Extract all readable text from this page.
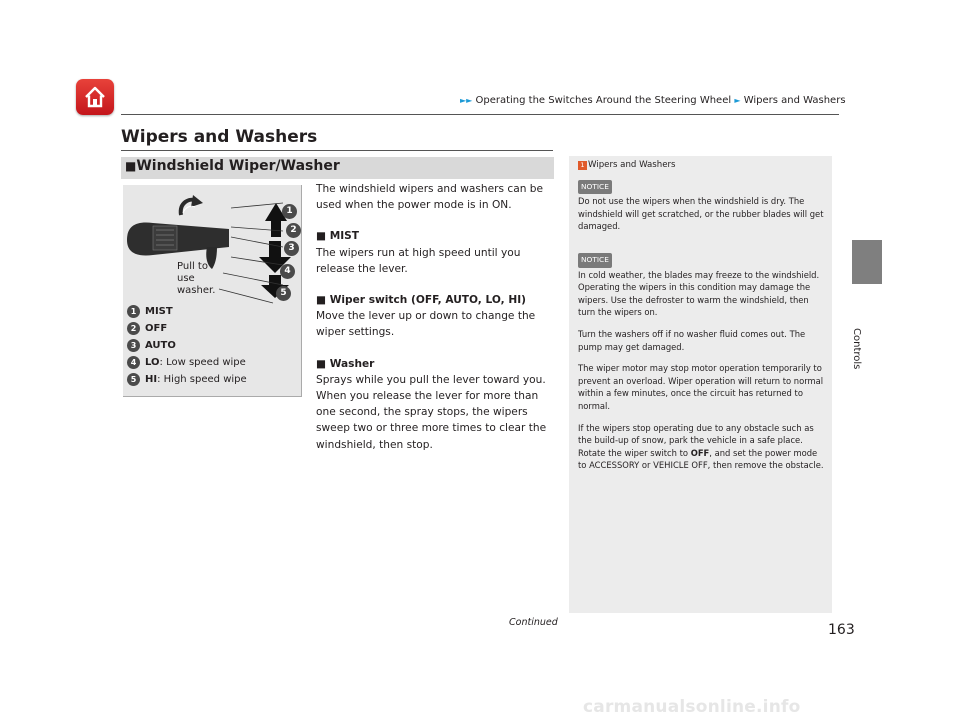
►► Operating the Switches Around the Steering Wheel ► Wipers and Washers
Wipers and Washers
■Windshield Wiper/Washer
1
2
3
4
5
Pull to use washer.
1 MIST
2 OFF
3 AUTO
4 LO: Low speed wipe
5 HI: High speed wipe

The windshield wipers and washers can be used when the power mode is in ON.

■ MIST

The wipers run at high speed until you release the lever.

■ Wiper switch (OFF, AUTO, LO, HI)

Move the lever up or down to change the wiper settings.

■ Washer

Sprays while you pull the lever toward you. When you release the lever for more than one second, the spray stops, the wipers sweep two or three more times to clear the windshield, then stop.

1 Wipers and Washers
NOTICE

Do not use the wipers when the windshield is dry. The windshield will get scratched, or the rubber blades will get damaged.

NOTICE

In cold weather, the blades may freeze to the windshield.

Operating the wipers in this condition may damage the wipers. Use the defroster to warm the windshield, then turn the wipers on.

Turn the washers off if no washer fluid comes out. The pump may get damaged.

The wiper motor may stop motor operation temporarily to prevent an overload. Wiper operation will return to normal within a few minutes, once the circuit has returned to normal.

If the wipers stop operating due to any obstacle such as the build-up of snow, park the vehicle in a safe place.

Rotate the wiper switch to OFF, and set the power mode to ACCESSORY or VEHICLE OFF, then remove the obstacle.

Controls
Continued	163
carmanualsonline.info
